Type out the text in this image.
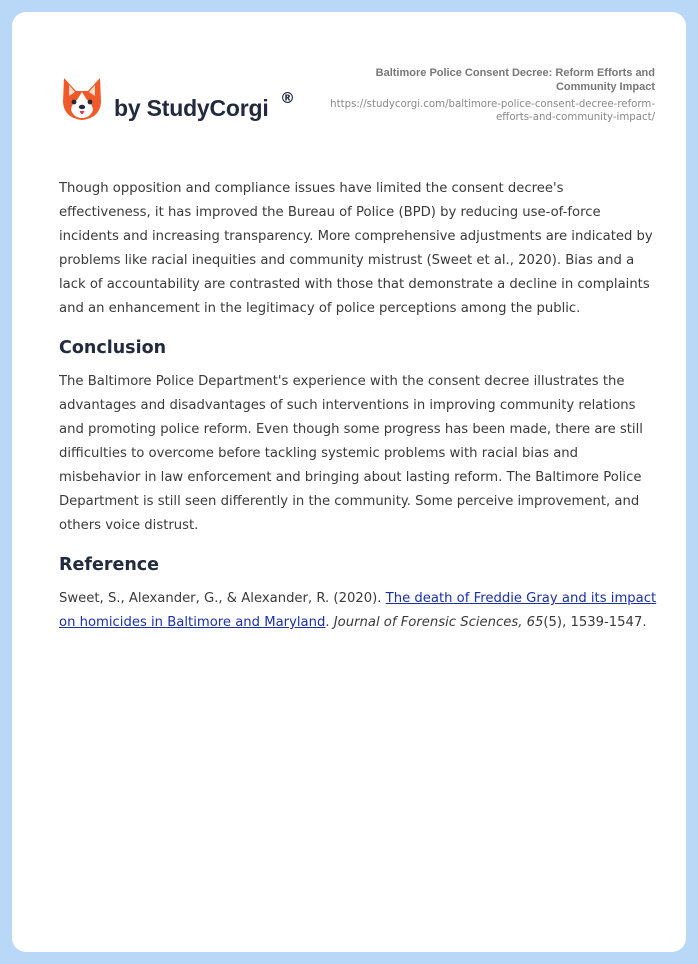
by StudyCorgi ®
Baltimore Police Consent Decree: Reform Efforts and Community Impact
https://studycorgi.com/baltimore-police-consent-decree-reform-efforts-and-community-impact/

Though opposition and compliance issues have limited the consent decree's effectiveness, it has improved the Bureau of Police (BPD) by reducing use-of-force incidents and increasing transparency. More comprehensive adjustments are indicated by problems like racial inequities and community mistrust (Sweet et al., 2020). Bias and a lack of accountability are contrasted with those that demonstrate a decline in complaints and an enhancement in the legitimacy of police perceptions among the public.

Conclusion

The Baltimore Police Department's experience with the consent decree illustrates the advantages and disadvantages of such interventions in improving community relations and promoting police reform. Even though some progress has been made, there are still difficulties to overcome before tackling systemic problems with racial bias and misbehavior in law enforcement and bringing about lasting reform. The Baltimore Police Department is still seen differently in the community. Some perceive improvement, and others voice distrust.

Reference

Sweet, S., Alexander, G., & Alexander, R. (2020). The death of Freddie Gray and its impact on homicides in Baltimore and Maryland. Journal of Forensic Sciences, 65(5), 1539-1547.
